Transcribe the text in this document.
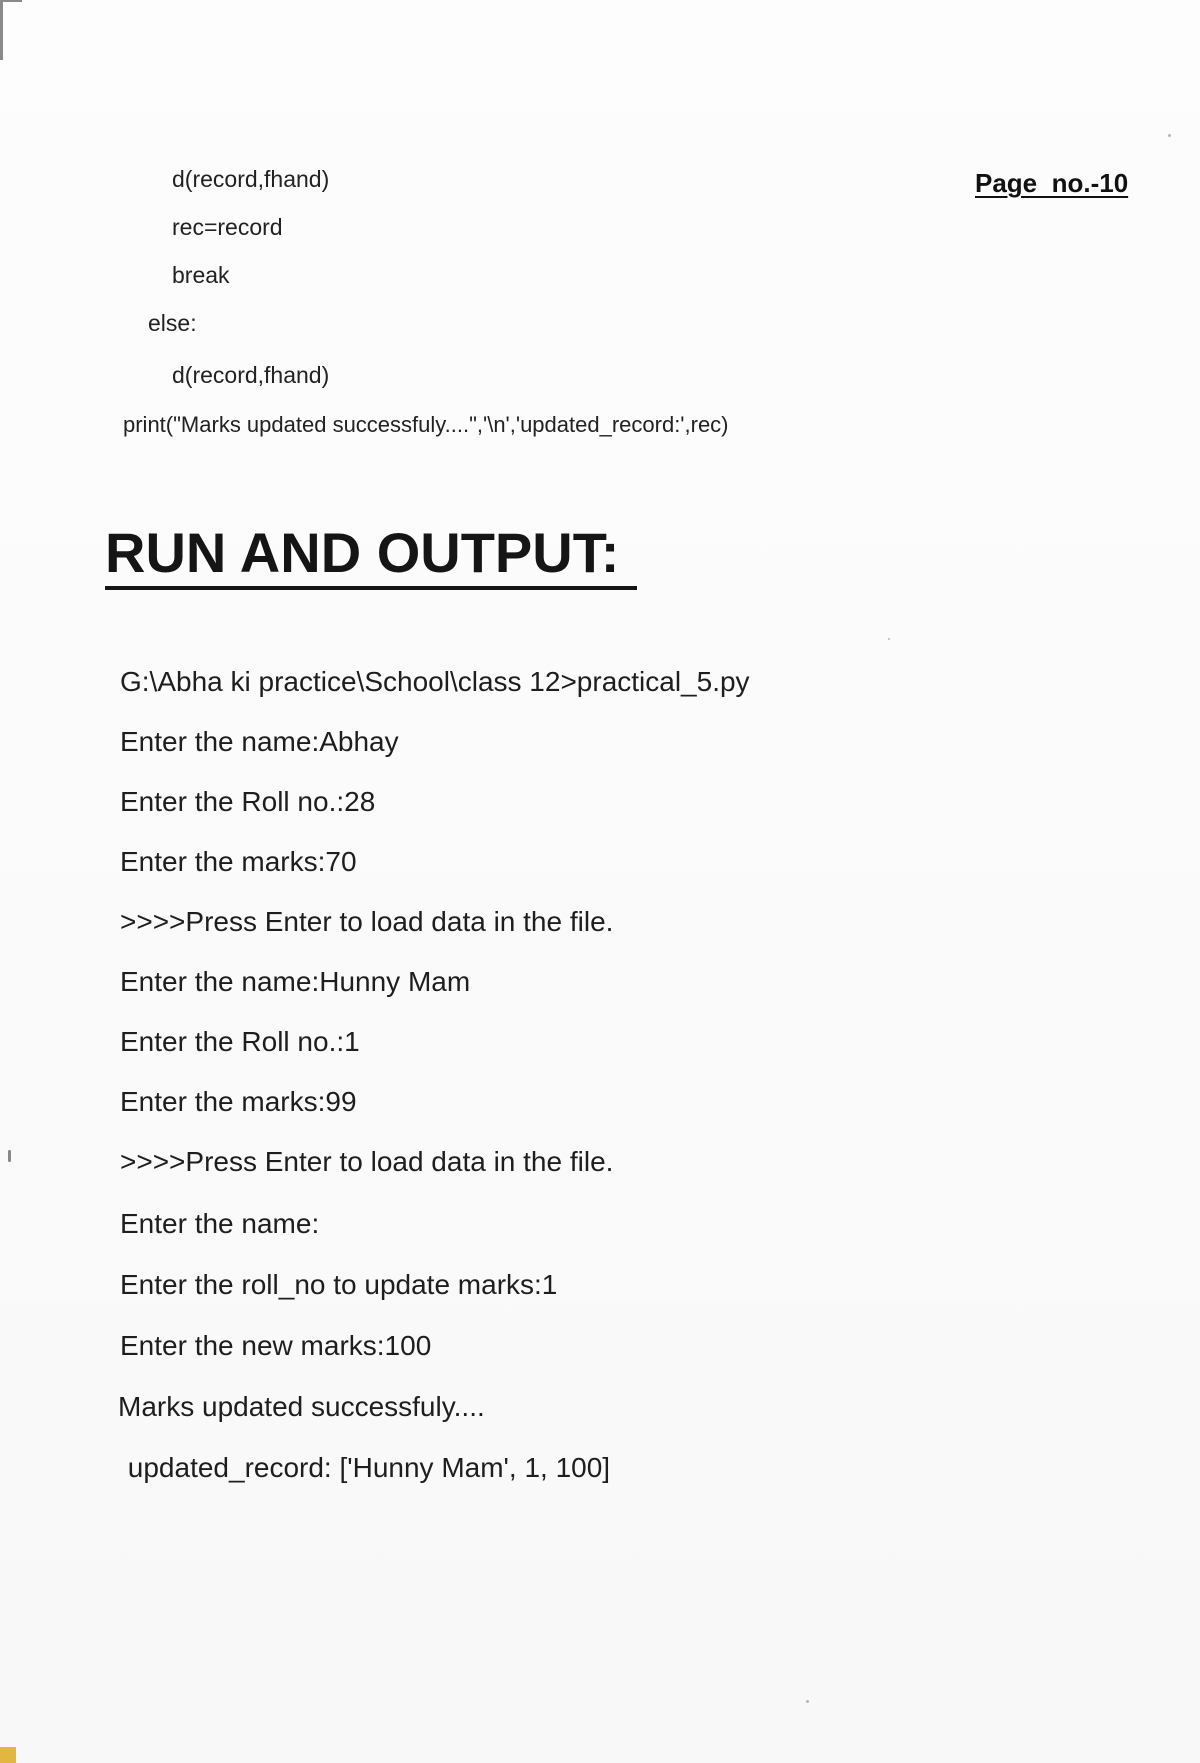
Page  no.-10
d(record,fhand)
rec=record
break
else:
d(record,fhand)
print("Marks updated successfuly....",'\n','updated_record:',rec)
RUN AND OUTPUT:
G:\Abha ki practice\School\class 12>practical_5.py
Enter the name:Abhay
Enter the Roll no.:28
Enter the marks:70
>>>>Press Enter to load data in the file.
Enter the name:Hunny Mam
Enter the Roll no.:1
Enter the marks:99
>>>>Press Enter to load data in the file.
Enter the name:
Enter the roll_no to update marks:1
Enter the new marks:100
Marks updated successfuly....
updated_record: ['Hunny Mam', 1, 100]
